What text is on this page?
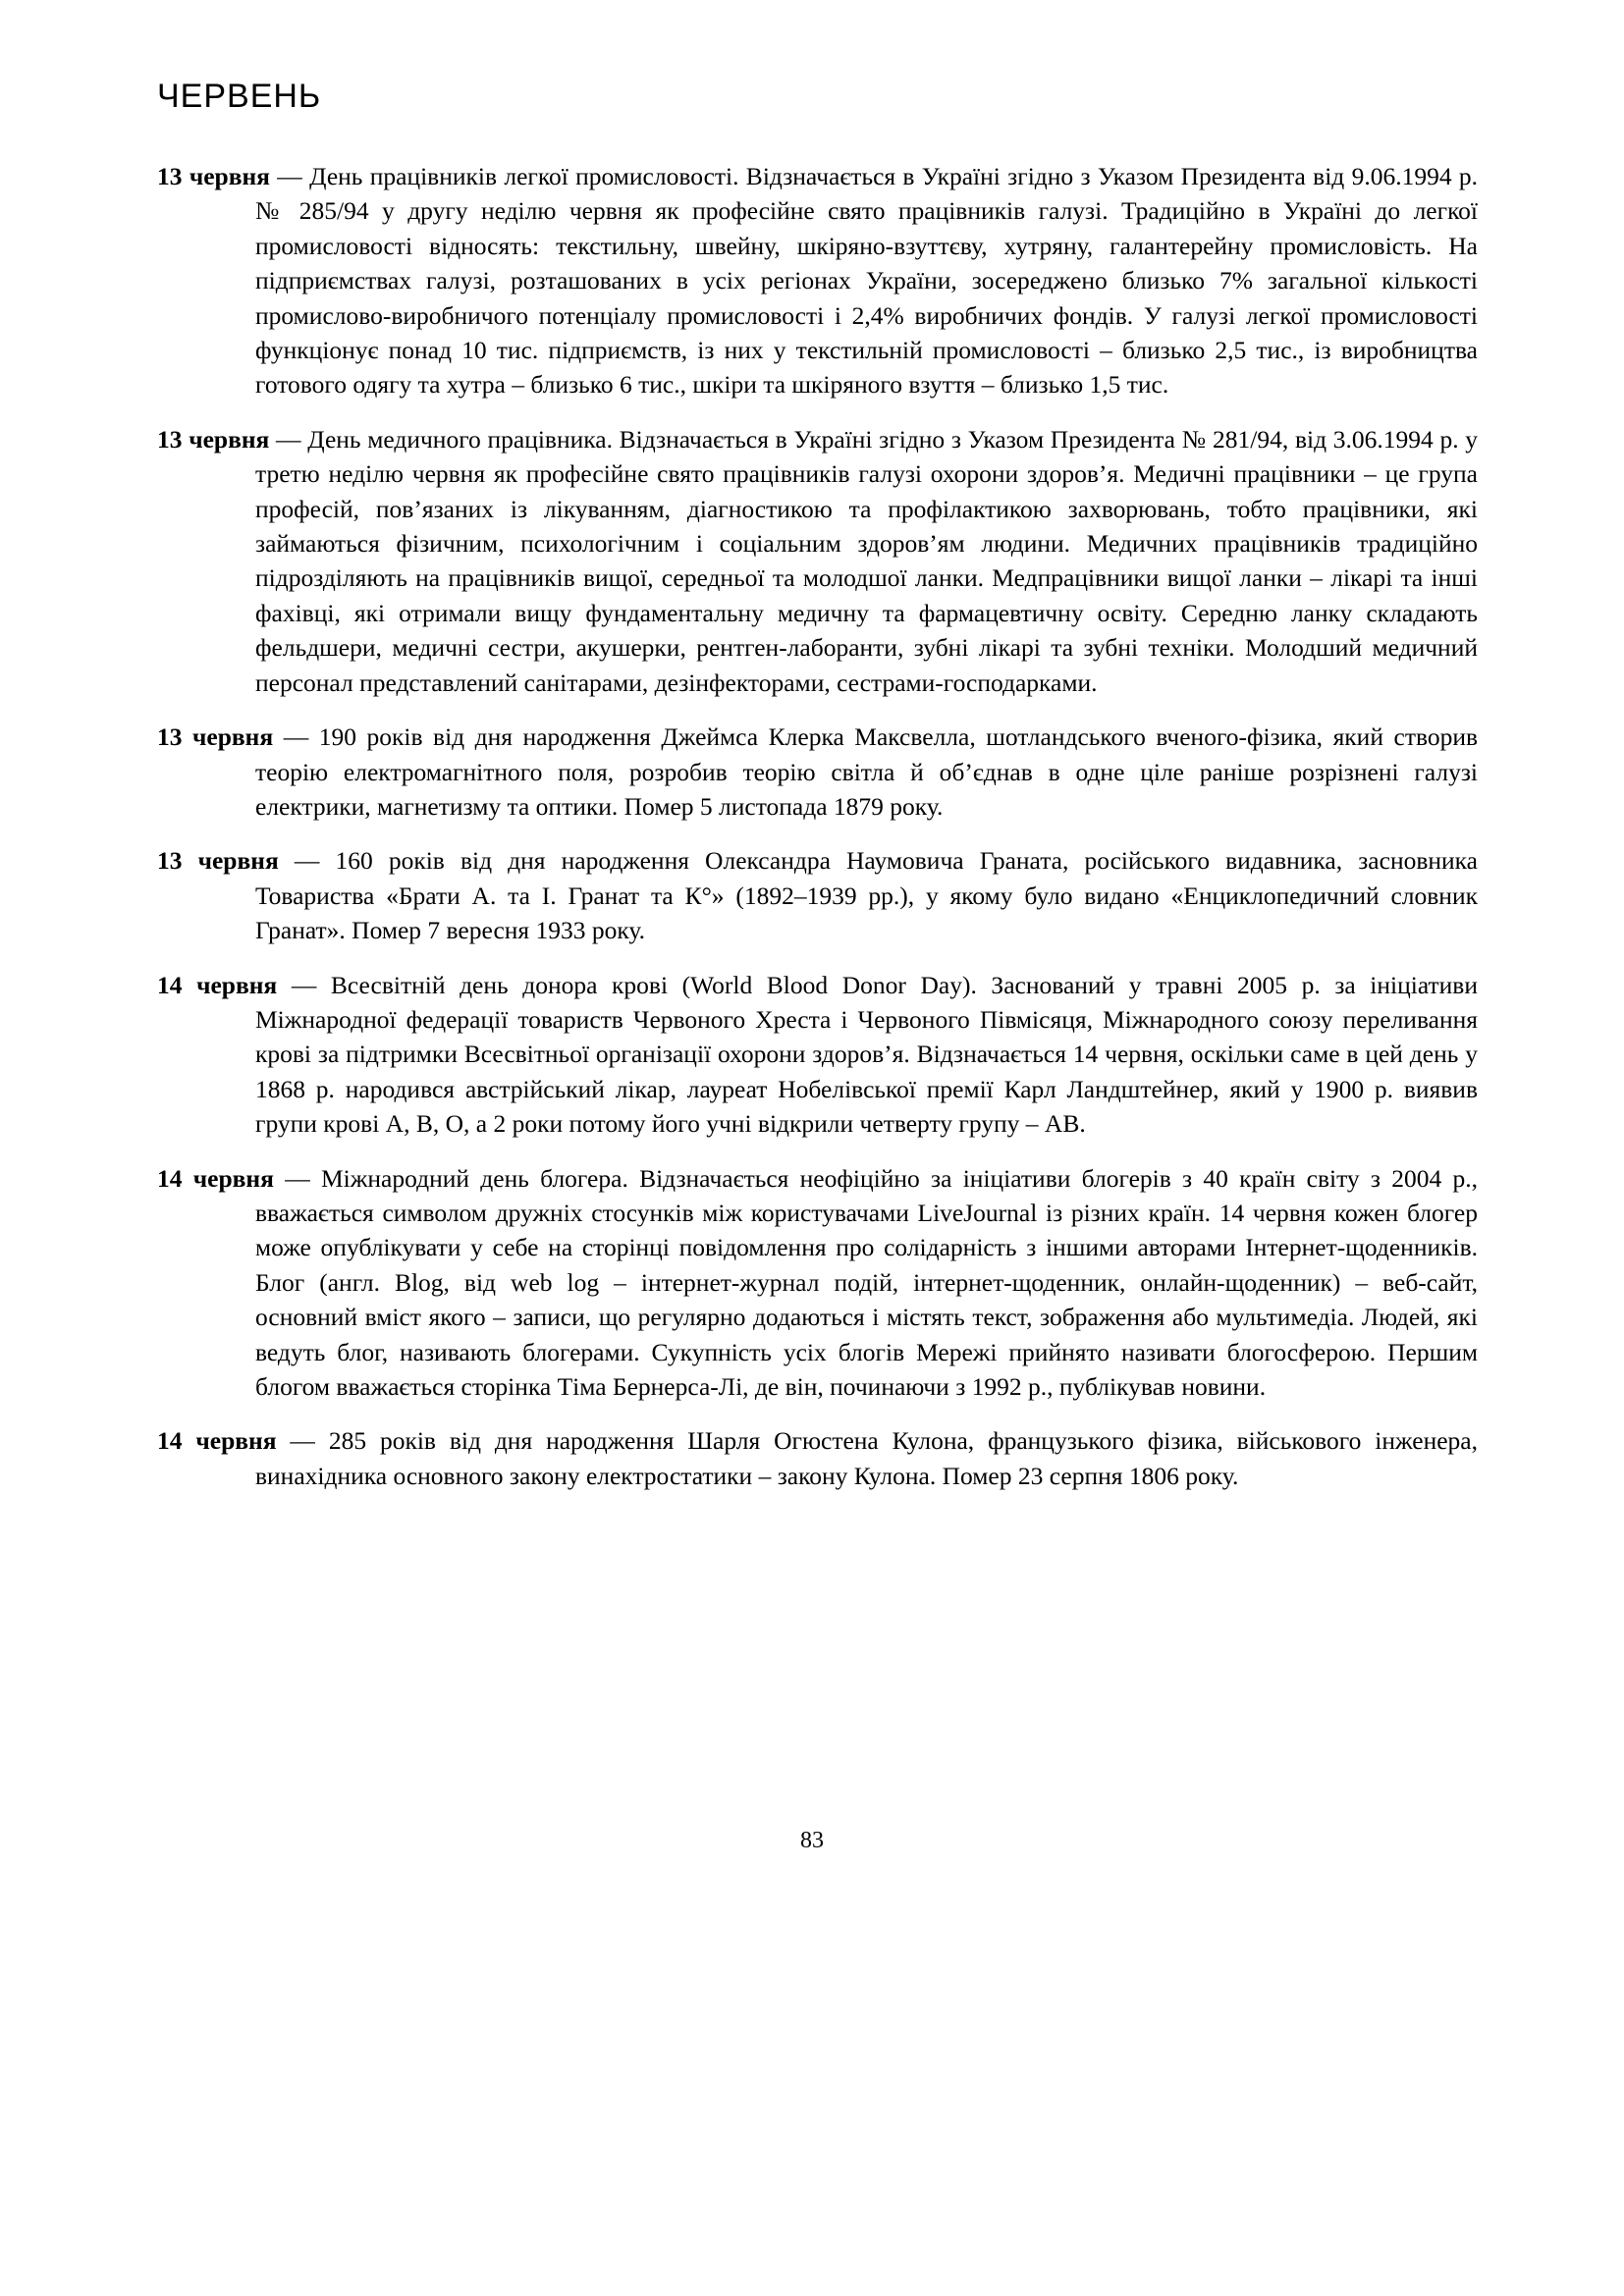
ЧЕРВЕНЬ

13 червня — День працівників легкої промисловості. Відзначається в Україні згідно з Указом Президента від 9.06.1994 р. № 285/94 у другу неділю червня як професійне свято працівників галузі. Традиційно в Україні до легкої промисловості відносять: текстильну, швейну, шкіряно-взуттєву, хутряну, галантерейну промисловість. На підприємствах галузі, розташованих в усіх регіонах України, зосереджено близько 7% загальної кількості промислово-виробничого потенціалу промисловості і 2,4% виробничих фондів. У галузі легкої промисловості функціонує понад 10 тис. підприємств, із них у текстильній промисловості – близько 2,5 тис., із виробництва готового одягу та хутра – близько 6 тис., шкіри та шкіряного взуття – близько 1,5 тис.

13 червня — День медичного працівника. Відзначається в Україні згідно з Указом Президента № 281/94, від 3.06.1994 р. у третю неділю червня як професійне свято працівників галузі охорони здоров’я. Медичні працівники – це група професій, пов’язаних із лікуванням, діагностикою та профілактикою захворювань, тобто працівники, які займаються фізичним, психологічним і соціальним здоров’ям людини. Медичних працівників традиційно підрозділяють на працівників вищої, середньої та молодшої ланки. Медпрацівники вищої ланки – лікарі та інші фахівці, які отримали вищу фундаментальну медичну та фармацевтичну освіту. Середню ланку складають фельдшери, медичні сестри, акушерки, рентген-лаборанти, зубні лікарі та зубні техніки. Молодший медичний персонал представлений санітарами, дезінфекторами, сестрами-господарками.

13 червня — 190 років від дня народження Джеймса Клерка Максвелла, шотландського вченого-фізика, який створив теорію електромагнітного поля, розробив теорію світла й об’єднав в одне ціле раніше розрізнені галузі електрики, магнетизму та оптики. Помер 5 листопада 1879 року.

13 червня — 160 років від дня народження Олександра Наумовича Граната, російського видавника, засновника Товариства «Брати А. та І. Гранат та К°» (1892–1939 рр.), у якому було видано «Енциклопедичний словник Гранат». Помер 7 вересня 1933 року.

14 червня — Всесвітній день донора крові (World Blood Donor Day). Заснований у травні 2005 р. за ініціативи Міжнародної федерації товариств Червоного Хреста і Червоного Півмісяця, Міжнародного союзу переливання крові за підтримки Всесвітньої організації охорони здоров’я. Відзначається 14 червня, оскільки саме в цей день у 1868 р. народився австрійський лікар, лауреат Нобелівської премії Карл Ландштейнер, який у 1900 р. виявив групи крові А, В, О, а 2 роки потому його учні відкрили четверту групу – АВ.

14 червня — Міжнародний день блогера. Відзначається неофіційно за ініціативи блогерів з 40 країн світу з 2004 р., вважається символом дружніх стосунків між користувачами LiveJournal із різних країн. 14 червня кожен блогер може опублікувати у себе на сторінці повідомлення про солідарність з іншими авторами Інтернет-щоденників. Блог (англ. Blog, від web log – інтернет-журнал подій, інтернет-щоденник, онлайн-щоденник) – веб-сайт, основний вміст якого – записи, що регулярно додаються і містять текст, зображення або мультимедіа. Людей, які ведуть блог, називають блогерами. Сукупність усіх блогів Мережі прийнято називати блогосферою. Першим блогом вважається сторінка Тіма Бернерса-Лі, де він, починаючи з 1992 р., публікував новини.

14 червня — 285 років від дня народження Шарля Огюстена Кулона, французького фізика, військового інженера, винахідника основного закону електростатики – закону Кулона. Помер 23 серпня 1806 року.

83
